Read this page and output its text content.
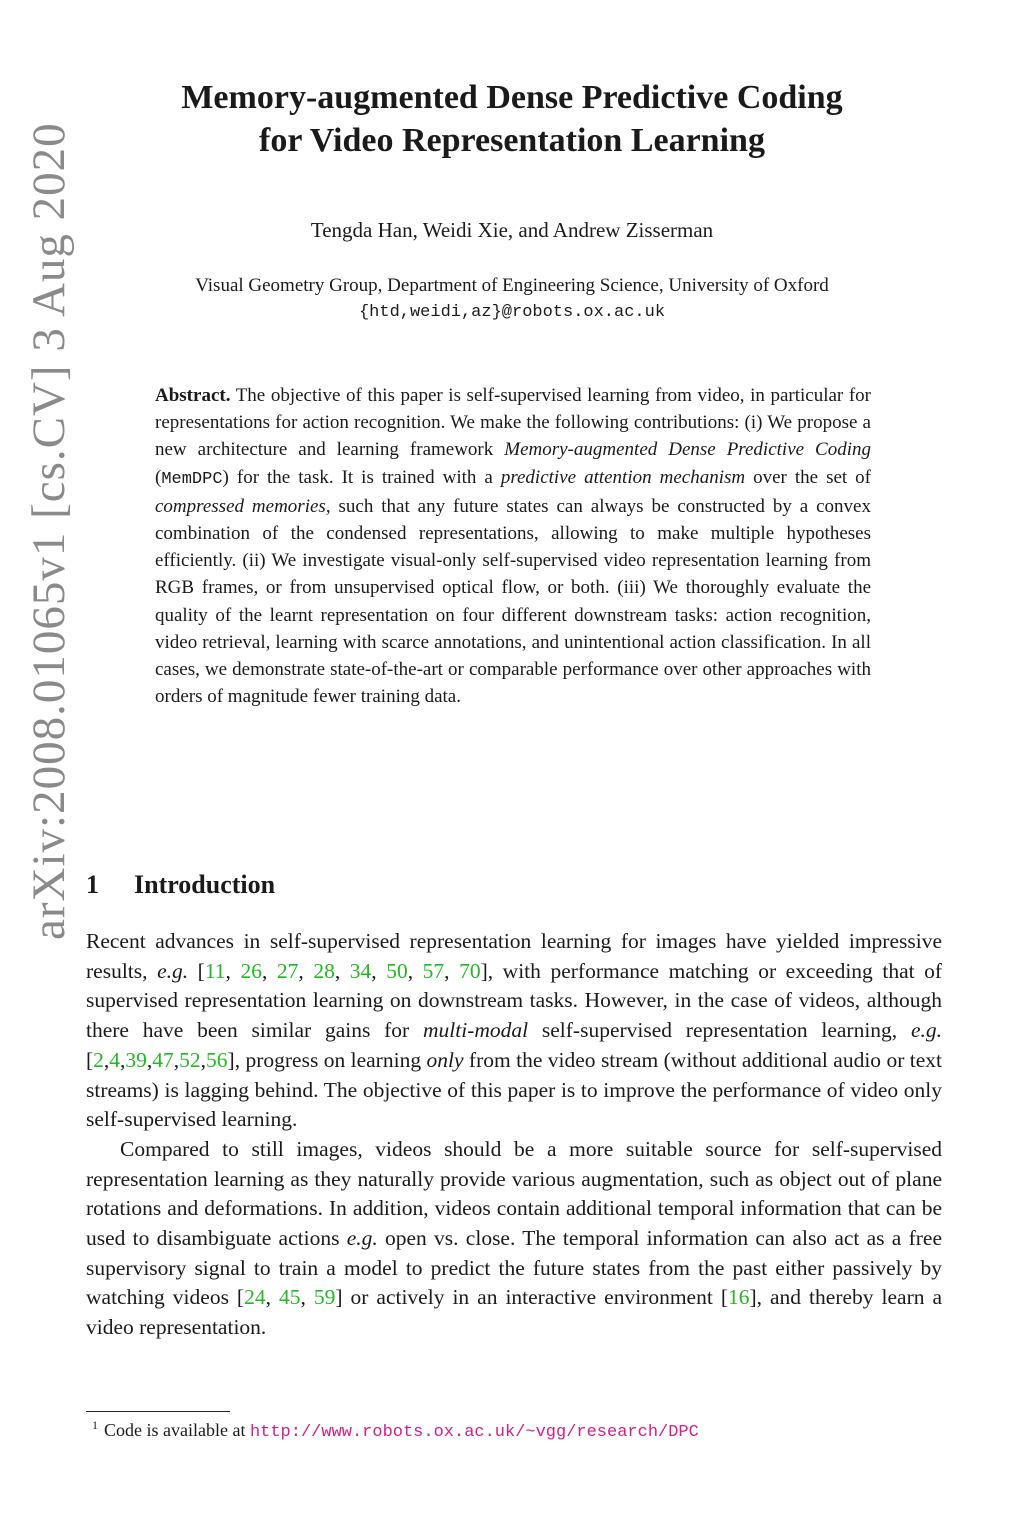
arXiv:2008.01065v1 [cs.CV] 3 Aug 2020
Memory-augmented Dense Predictive Coding
for Video Representation Learning
Tengda Han, Weidi Xie, and Andrew Zisserman
Visual Geometry Group, Department of Engineering Science, University of Oxford
{htd,weidi,az}@robots.ox.ac.uk
Abstract. The objective of this paper is self-supervised learning from video, in particular for representations for action recognition. We make the following contributions: (i) We propose a new architecture and learning framework Memory-augmented Dense Predictive Coding (MemDPC) for the task. It is trained with a predictive attention mechanism over the set of compressed memories, such that any future states can always be constructed by a convex combination of the condensed representations, allowing to make multiple hypotheses efficiently. (ii) We investigate visual-only self-supervised video representation learning from RGB frames, or from unsupervised optical flow, or both. (iii) We thoroughly evaluate the quality of the learnt representation on four different downstream tasks: action recognition, video retrieval, learning with scarce annotations, and unintentional action classification. In all cases, we demonstrate state-of-the-art or comparable performance over other approaches with orders of magnitude fewer training data.
1 Introduction

Recent advances in self-supervised representation learning for images have yielded impressive results, e.g. [11, 26, 27, 28, 34, 50, 57, 70], with performance matching or exceeding that of supervised representation learning on downstream tasks. However, in the case of videos, although there have been similar gains for multi-modal self-supervised representation learning, e.g. [2,4,39,47,52,56], progress on learning only from the video stream (without additional audio or text streams) is lagging behind. The objective of this paper is to improve the performance of video only self-supervised learning.

Compared to still images, videos should be a more suitable source for self-supervised representation learning as they naturally provide various augmentation, such as object out of plane rotations and deformations. In addition, videos contain additional temporal information that can be used to disambiguate actions e.g. open vs. close. The temporal information can also act as a free supervisory signal to train a model to predict the future states from the past either passively by watching videos [24, 45, 59] or actively in an interactive environment [16], and thereby learn a video representation.

$^1$ Code is available at http://www.robots.ox.ac.uk/~vgg/research/DPC
